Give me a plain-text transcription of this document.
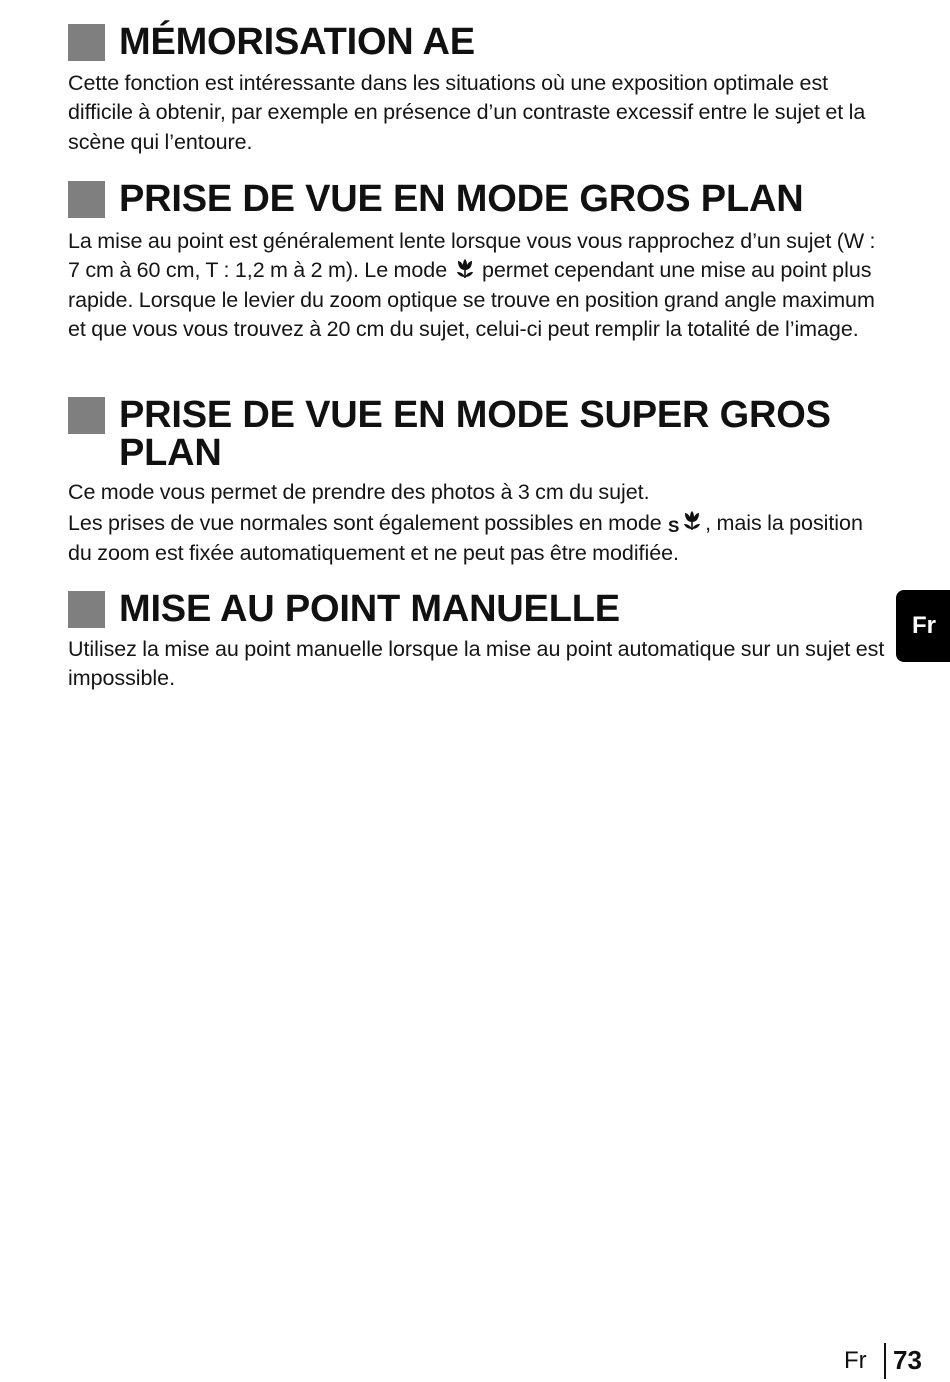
MÉMORISATION AE

Cette fonction est intéressante dans les situations où une exposition optimale est difficile à obtenir, par exemple en présence d’un contraste excessif entre le sujet et la scène qui l’entoure.

PRISE DE VUE EN MODE GROS PLAN

La mise au point est généralement lente lorsque vous vous rapprochez d’un sujet (W : 7 cm à 60 cm, T : 1,2 m à 2 m). Le mode  permet cependant une mise au point plus rapide. Lorsque le levier du zoom optique se trouve en position grand angle maximum et que vous vous trouvez à 20 cm du sujet, celui-ci peut remplir la totalité de l’image.

PRISE DE VUE EN MODE SUPER GROS PLAN

Ce mode vous permet de prendre des photos à 3 cm du sujet.

Les prises de vue normales sont également possibles en mode S , mais la position du zoom est fixée automatiquement et ne peut pas être modifiée.

MISE AU POINT MANUELLE

Utilisez la mise au point manuelle lorsque la mise au point automatique sur un sujet est impossible.

Fr
Fr 73
